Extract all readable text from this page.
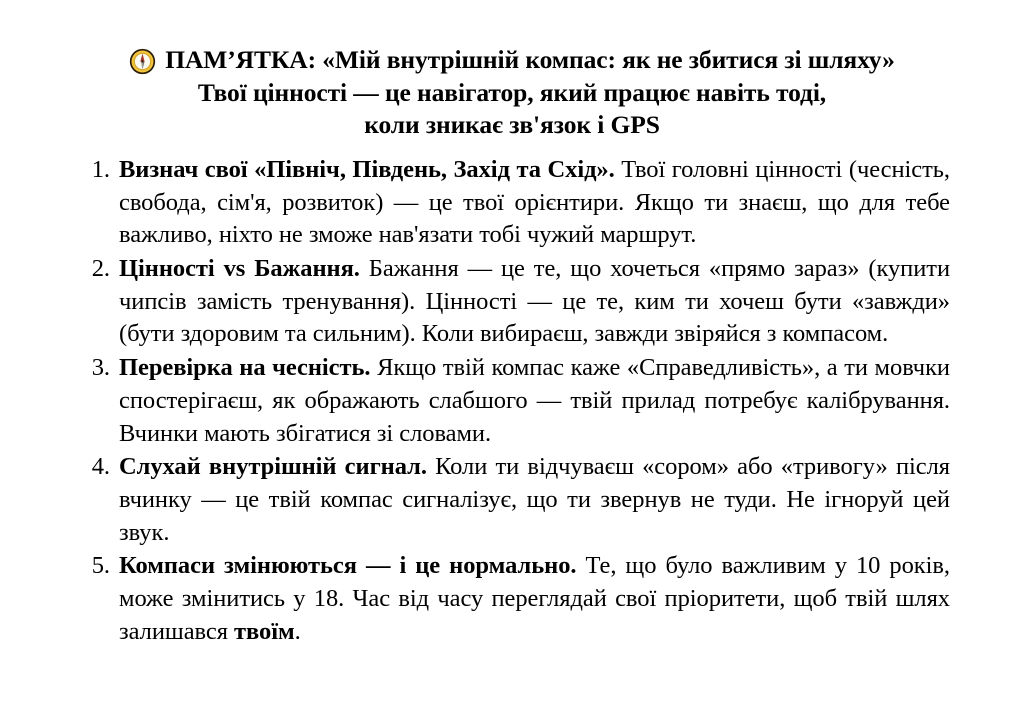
ПАМ’ЯТКА: «Мій внутрішній компас: як не збитися зі шляху»
Твої цінності — це навігатор, який працює навіть тоді,
коли зникає зв'язок і GPS
Визнач свої «Північ, Південь, Захід та Схід». Твої головні цінності (чесність, свобода, сім'я, розвиток) — це твої орієнтири. Якщо ти знаєш, що для тебе важливо, ніхто не зможе нав'язати тобі чужий маршрут.
Цінності vs Бажання. Бажання — це те, що хочеться «прямо зараз» (купити чипсів замість тренування). Цінності — це те, ким ти хочеш бути «завжди» (бути здоровим та сильним). Коли вибираєш, завжди звіряйся з компасом.
Перевірка на чесність. Якщо твій компас каже «Справедливість», а ти мовчки спостерігаєш, як ображають слабшого — твій прилад потребує калібрування. Вчинки мають збігатися зі словами.
Слухай внутрішній сигнал. Коли ти відчуваєш «сором» або «тривогу» після вчинку — це твій компас сигналізує, що ти звернув не туди. Не ігноруй цей звук.
Компаси змінюються — і це нормально. Те, що було важливим у 10 років, може змінитись у 18. Час від часу переглядай свої пріоритети, щоб твій шлях залишався твоїм.
